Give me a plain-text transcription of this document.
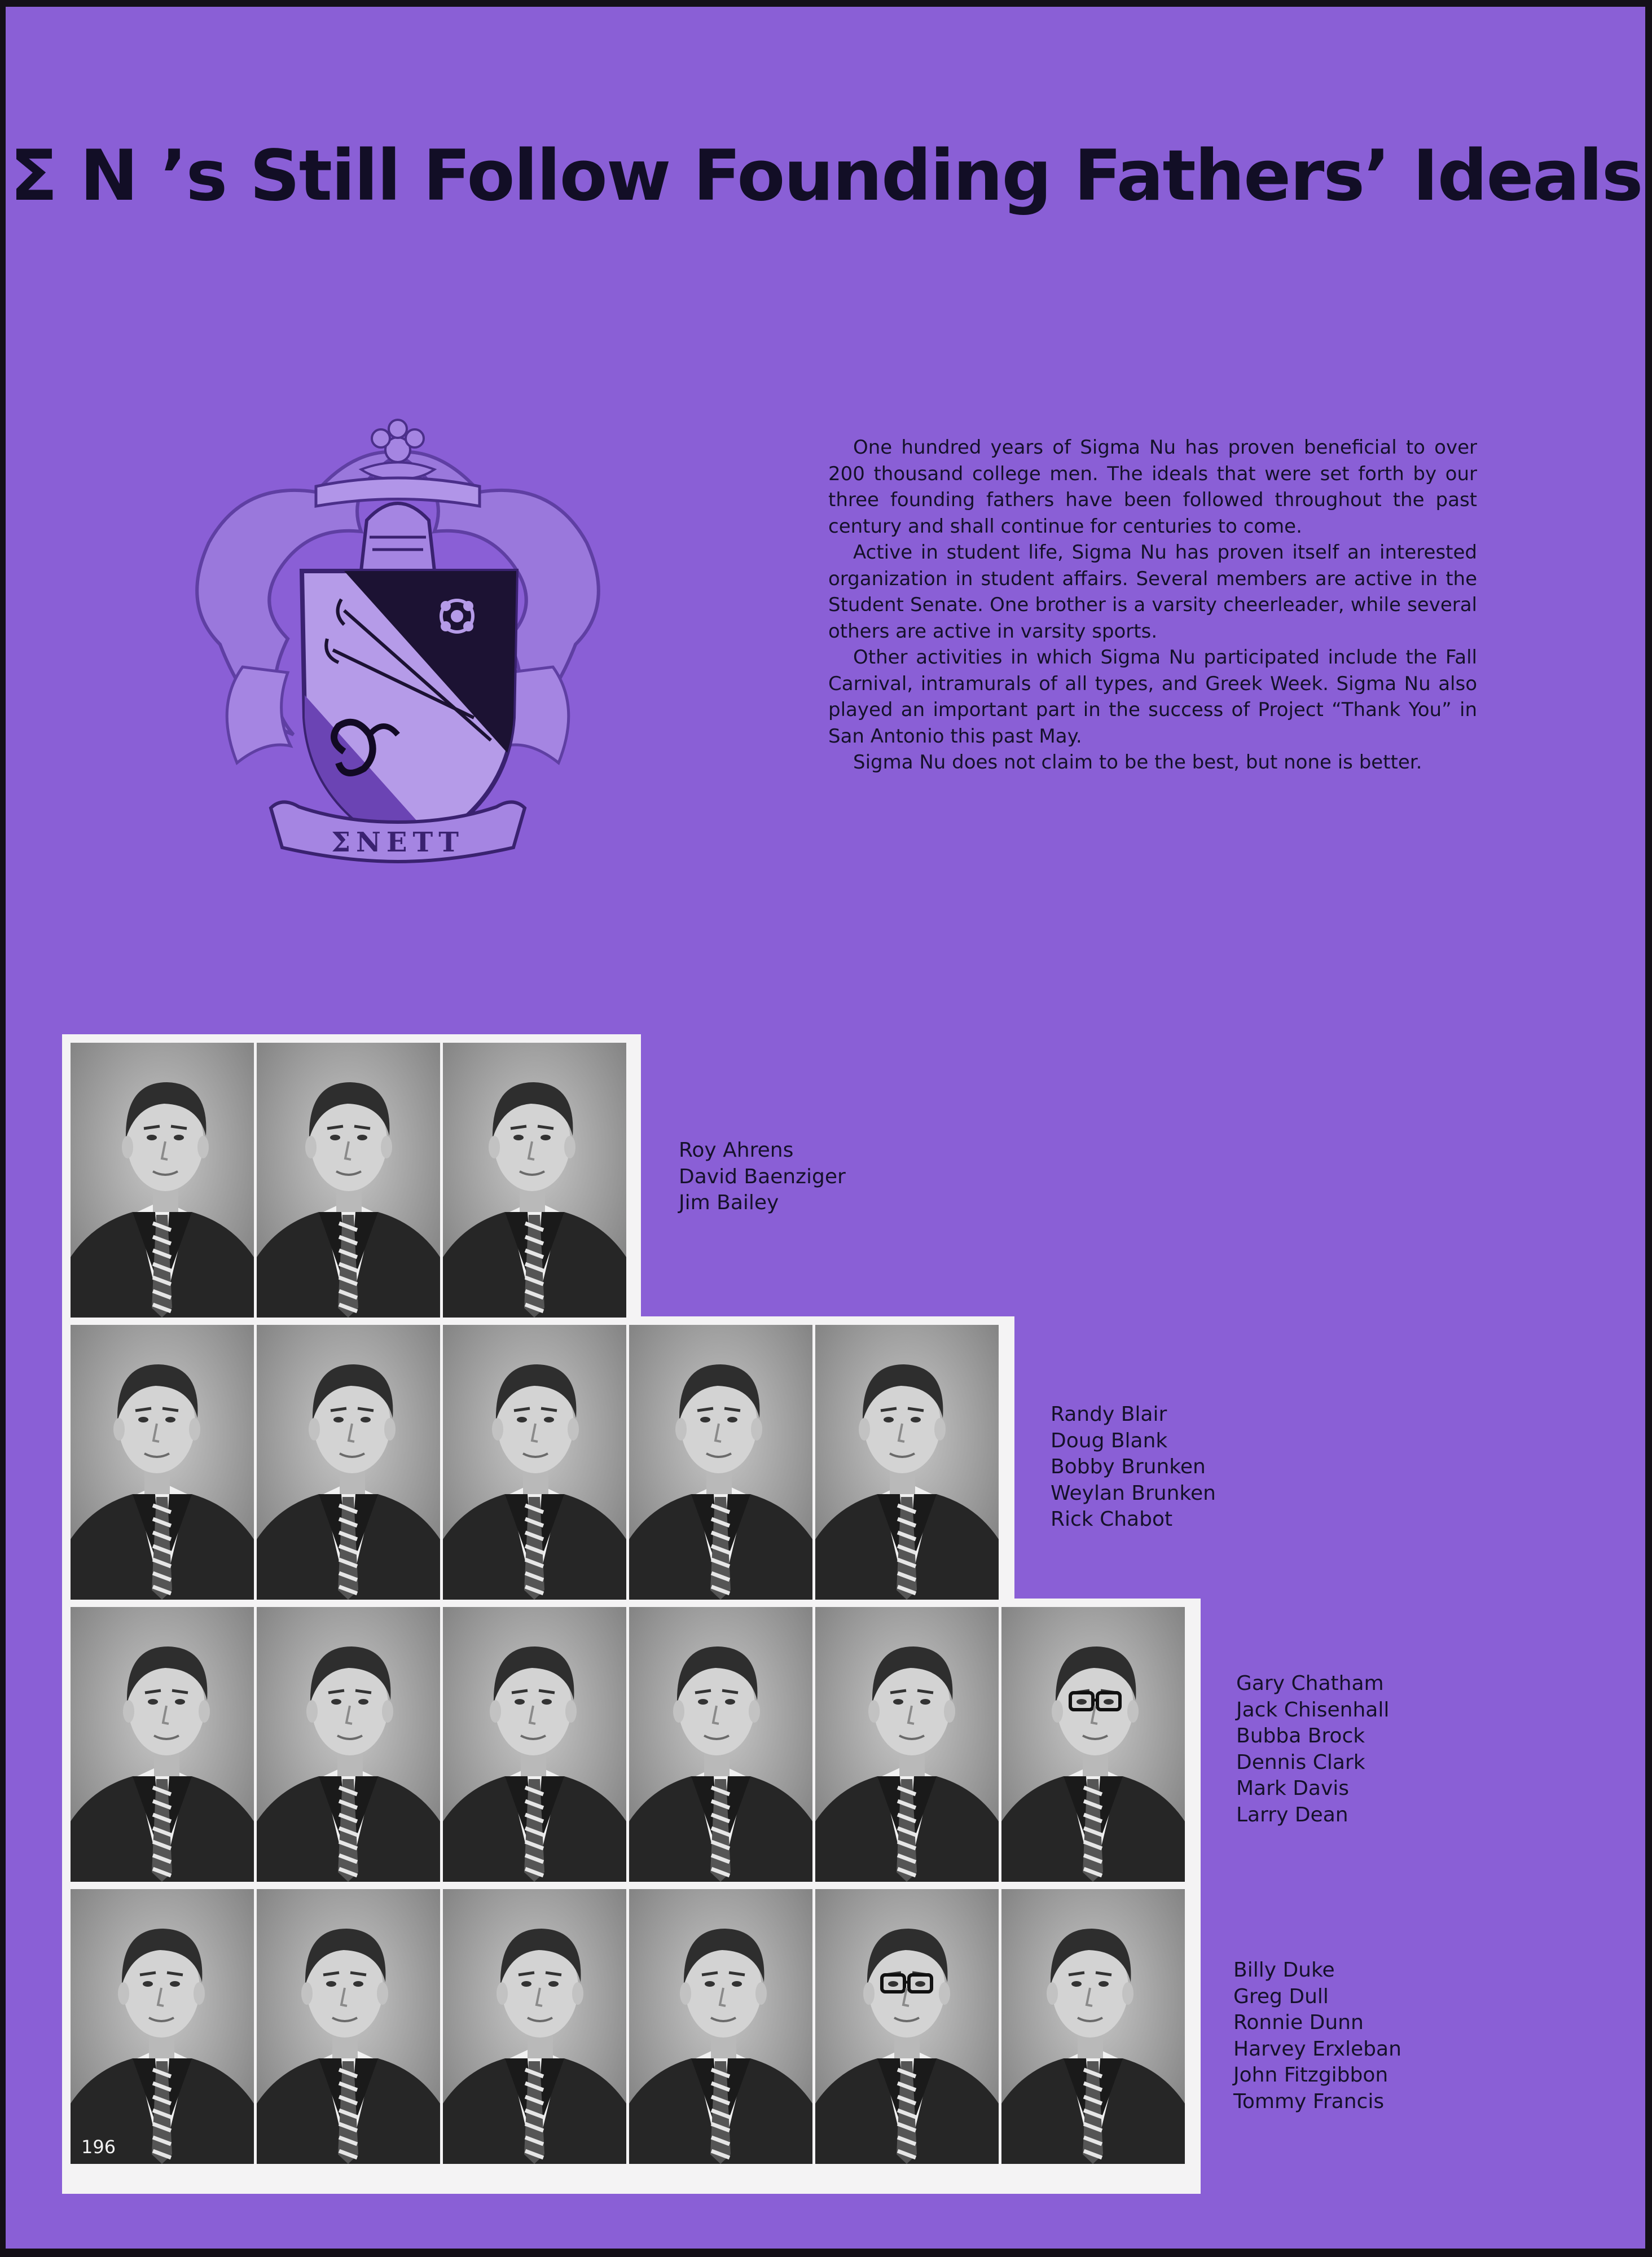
Σ N ’s Still Follow Founding Fathers’ Ideals
ΣΝΕΤΤ

One hundred years of Sigma Nu has proven beneficial to over 200 thousand college men. The ideals that were set forth by our three founding fathers have been followed throughout the past century and shall continue for centuries to come.

Active in student life, Sigma Nu has proven itself an interested organization in student affairs. Several members are active in the Student Senate. One brother is a varsity cheerleader, while several others are active in varsity sports.

Other activities in which Sigma Nu participated include the Fall Carnival, intramurals of all types, and Greek Week. Sigma Nu also played an important part in the success of Project “Thank You” in San Antonio this past May.

Sigma Nu does not claim to be the best, but none is better.

Roy Ahrens
David Baenziger
Jim Bailey
Randy Blair
Doug Blank
Bobby Brunken
Weylan Brunken
Rick Chabot
Gary Chatham
Jack Chisenhall
Bubba Brock
Dennis Clark
Mark Davis
Larry Dean
Billy Duke
Greg Dull
Ronnie Dunn
Harvey Erxleban
John Fitzgibbon
Tommy Francis
196
